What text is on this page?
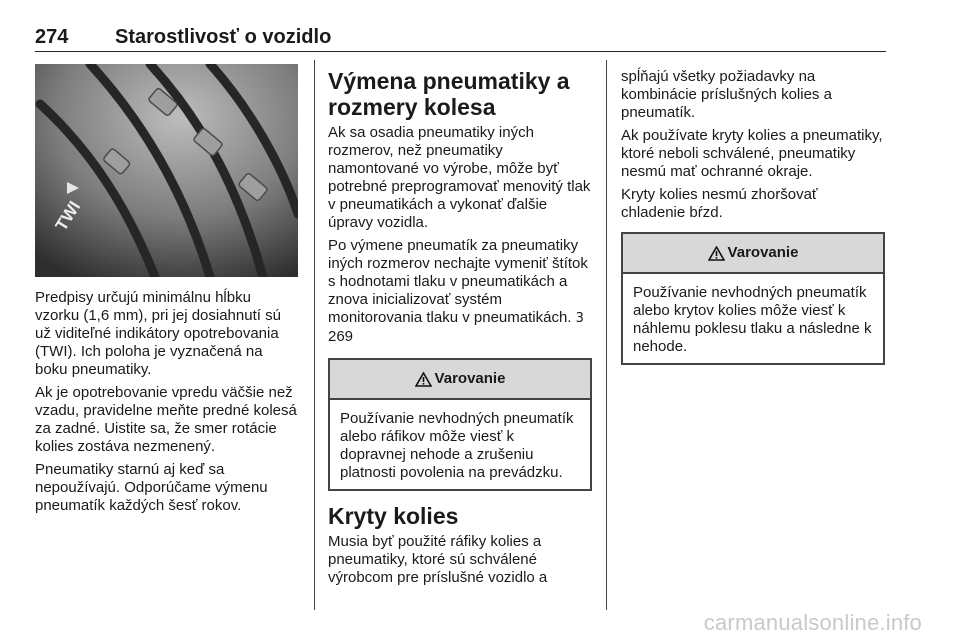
274 Starostlivosť o vozidlo
TWI

Predpisy určujú minimálnu hĺbku vzorku (1,6 mm), pri jej dosiahnutí sú už viditeľné indikátory opotrebovania (TWI). Ich poloha je vyznačená na boku pneumatiky.

Ak je opotrebovanie vpredu väčšie než vzadu, pravidelne meňte predné kolesá za zadné. Uistite sa, že smer rotácie kolies zostáva nezmenený.

Pneumatiky starnú aj keď sa nepoužívajú. Odporúčame výmenu pneumatík každých šesť rokov.

Výmena pneumatiky a rozmery kolesa

Ak sa osadia pneumatiky iných rozmerov, než pneumatiky namontované vo výrobe, môže byť potrebné preprogramovať menovitý tlak v pneumatikách a vykonať ďalšie úpravy vozidla.

Po výmene pneumatík za pneumatiky iných rozmerov nechajte vymeniť štítok s hodnotami tlaku v pneumatikách a znova inicializovať systém monitorovania tlaku v pneumatikách. 3 269

Varovanie
Používanie nevhodných pneumatík alebo ráfikov môže viesť k dopravnej nehode a zrušeniu platnosti povolenia na prevádzku.
Kryty kolies

Musia byť použité ráfiky kolies a pneumatiky, ktoré sú schválené výrobcom pre príslušné vozidlo a

spĺňajú všetky požiadavky na kombinácie príslušných kolies a pneumatík.

Ak používate kryty kolies a pneumatiky, ktoré neboli schválené, pneumatiky nesmú mať ochranné okraje.

Kryty kolies nesmú zhoršovať chladenie bŕzd.

Varovanie
Používanie nevhodných pneumatík alebo krytov kolies môže viesť k náhlemu poklesu tlaku a následne k nehode.
carmanualsonline.info
